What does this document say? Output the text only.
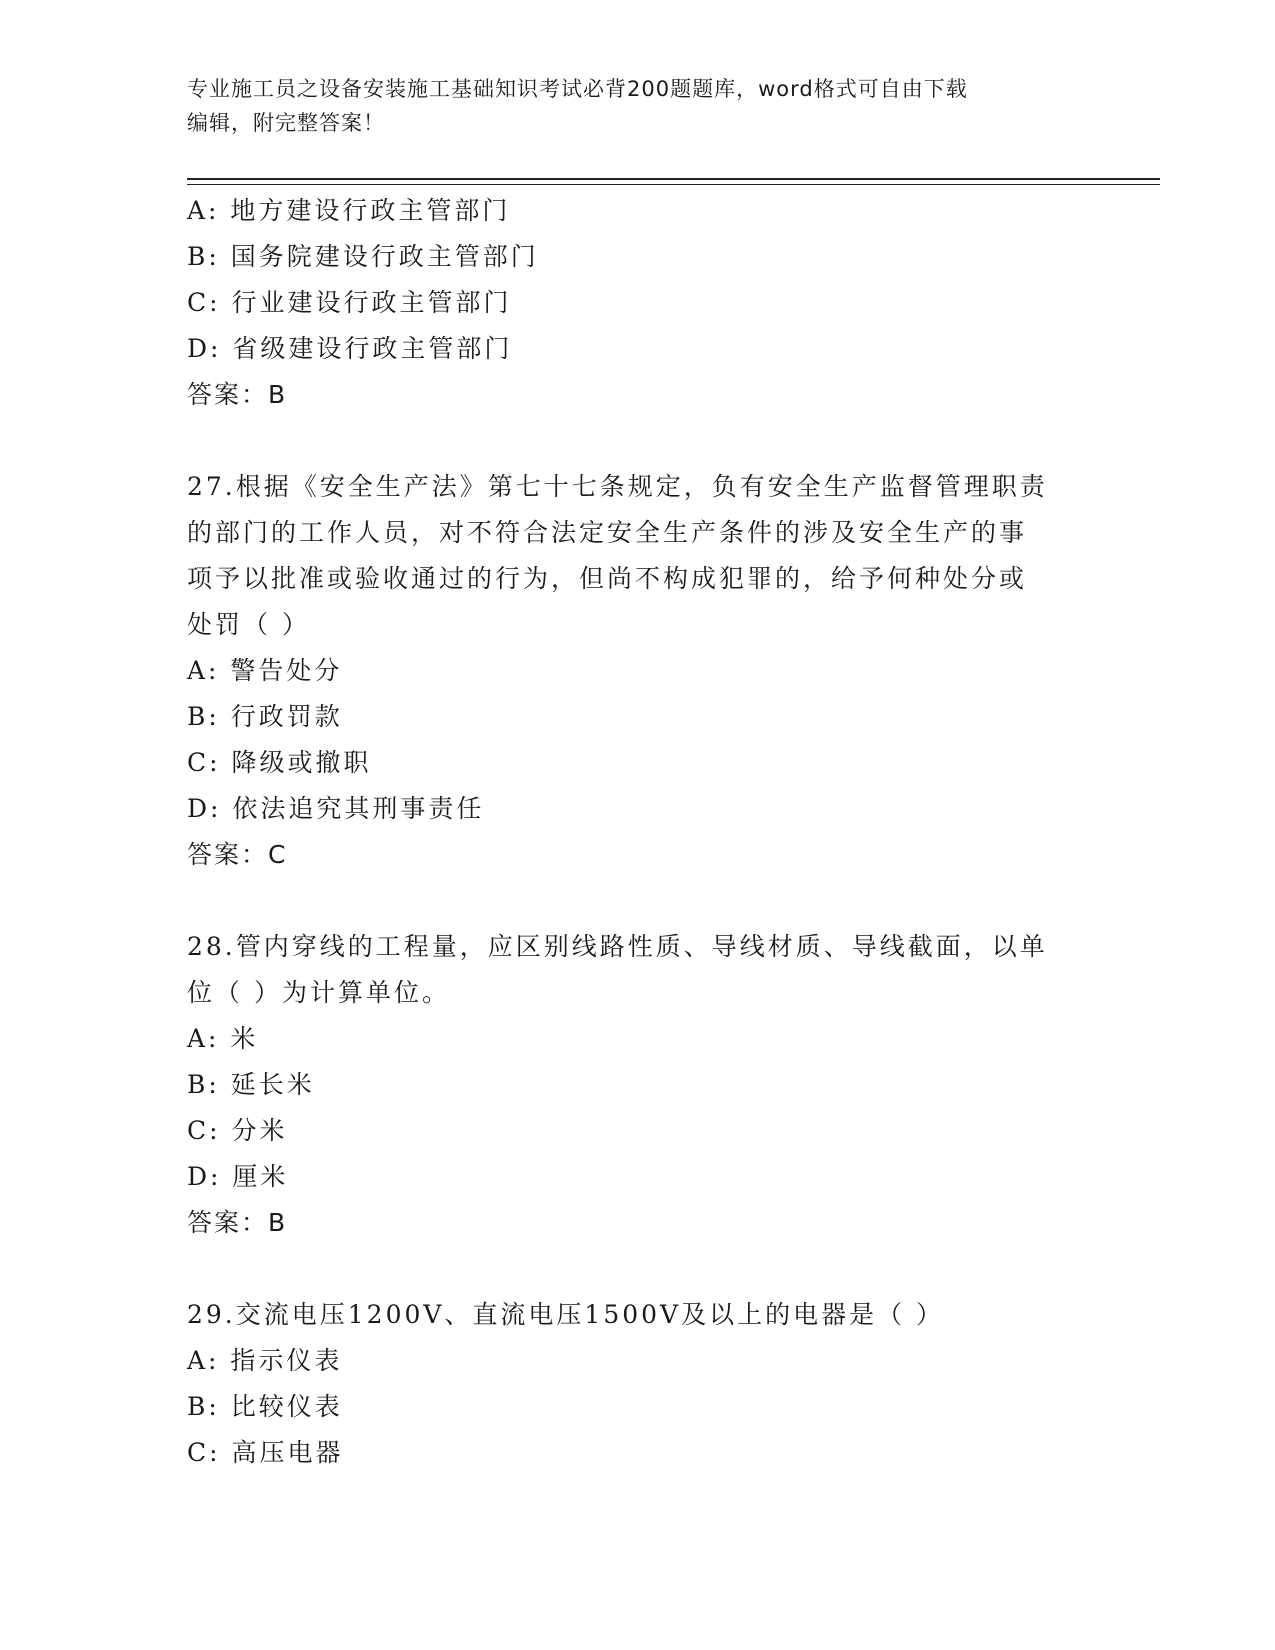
专业施工员之设备安装施工基础知识考试必背200题题库，word格式可自由下载
编辑，附完整答案！
A: 地方建设行政主管部门
B: 国务院建设行政主管部门
C: 行业建设行政主管部门
D: 省级建设行政主管部门
答案：B
27.根据《安全生产法》第七十七条规定，负有安全生产监督管理职责
的部门的工作人员，对不符合法定安全生产条件的涉及安全生产的事
项予以批准或验收通过的行为，但尚不构成犯罪的，给予何种处分或
处罚（ ）
A: 警告处分
B: 行政罚款
C: 降级或撤职
D: 依法追究其刑事责任
答案：C
28.管内穿线的工程量，应区别线路性质、导线材质、导线截面，以单
位（ ）为计算单位。
A: 米
B: 延长米
C: 分米
D: 厘米
答案：B
29.交流电压1200V、直流电压1500V及以上的电器是（ ）
A: 指示仪表
B: 比较仪表
C: 高压电器
